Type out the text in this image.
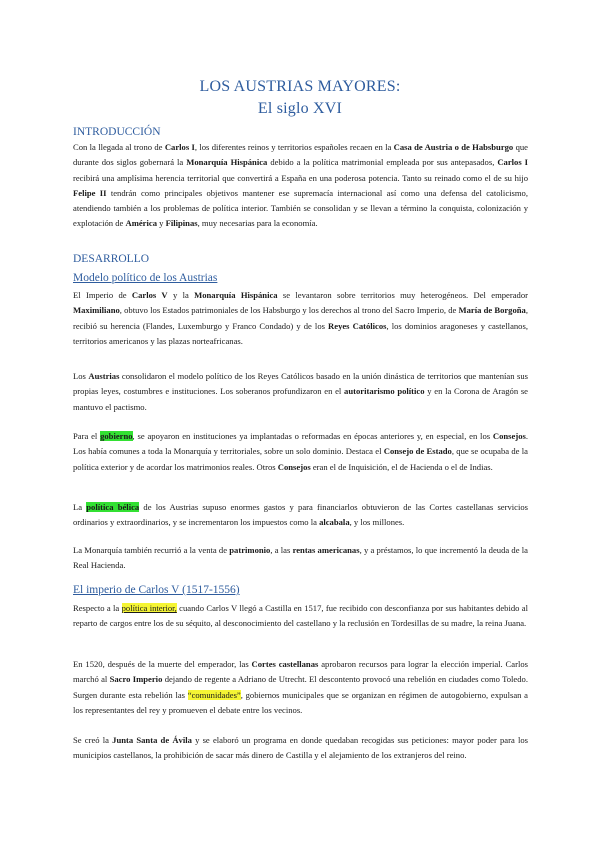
LOS AUSTRIAS MAYORES:
El siglo XVI
INTRODUCCIÓN
Con la llegada al trono de Carlos I, los diferentes reinos y territorios españoles recaen en la Casa de Austria o de Habsburgo que durante dos siglos gobernará la Monarquía Hispánica debido a la política matrimonial empleada por sus antepasados, Carlos I recibirá una amplísima herencia territorial que convertirá a España en una poderosa potencia. Tanto su reinado como el de su hijo Felipe II tendrán como principales objetivos mantener ese supremacía internacional así como una defensa del catolicismo, atendiendo también a los problemas de política interior. También se consolidan y se llevan a término la conquista, colonización y explotación de América y Filipinas, muy necesarias para la economía.
DESARROLLO
Modelo político de los Austrias
El Imperio de Carlos V y la Monarquía Hispánica se levantaron sobre territorios muy heterogéneos. Del emperador Maximiliano, obtuvo los Estados patrimoniales de los Habsburgo y los derechos al trono del Sacro Imperio, de María de Borgoña, recibió su herencia (Flandes, Luxemburgo y Franco Condado) y de los Reyes Católicos, los dominios aragoneses y castellanos, territorios americanos y las plazas norteafricanas.
Los Austrias consolidaron el modelo político de los Reyes Católicos basado en la unión dinástica de territorios que mantenían sus propias leyes, costumbres e instituciones. Los soberanos profundizaron en el autoritarismo político y en la Corona de Aragón se mantuvo el pactismo.
Para el gobierno, se apoyaron en instituciones ya implantadas o reformadas en épocas anteriores y, en especial, en los Consejos. Los había comunes a toda la Monarquía y territoriales, sobre un solo dominio. Destaca el Consejo de Estado, que se ocupaba de la política exterior y de acordar los matrimonios reales. Otros Consejos eran el de Inquisición, el de Hacienda o el de Indias.
La política bélica de los Austrias supuso enormes gastos y para financiarlos obtuvieron de las Cortes castellanas servicios ordinarios y extraordinarios, y se incrementaron los impuestos como la alcabala, y los millones.
La Monarquía también recurrió a la venta de patrimonio, a las rentas americanas, y a préstamos, lo que incrementó la deuda de la Real Hacienda.
El imperio de Carlos V (1517-1556)
Respecto a la política interior, cuando Carlos V llegó a Castilla en 1517, fue recibido con desconfianza por sus habitantes debido al reparto de cargos entre los de su séquito, al desconocimiento del castellano y la reclusión en Tordesillas de su madre, la reina Juana.
En 1520, después de la muerte del emperador, las Cortes castellanas aprobaron recursos para lograr la elección imperial. Carlos marchó al Sacro Imperio dejando de regente a Adriano de Utrecht. El descontento provocó una rebelión en ciudades como Toledo. Surgen durante esta rebelión las “comunidades”, gobiernos municipales que se organizan en régimen de autogobierno, expulsan a los representantes del rey y promueven el debate entre los vecinos.
Se creó la Junta Santa de Ávila y se elaboró un programa en donde quedaban recogidas sus peticiones: mayor poder para los municipios castellanos, la prohibición de sacar más dinero de Castilla y el alejamiento de los extranjeros del reino.
